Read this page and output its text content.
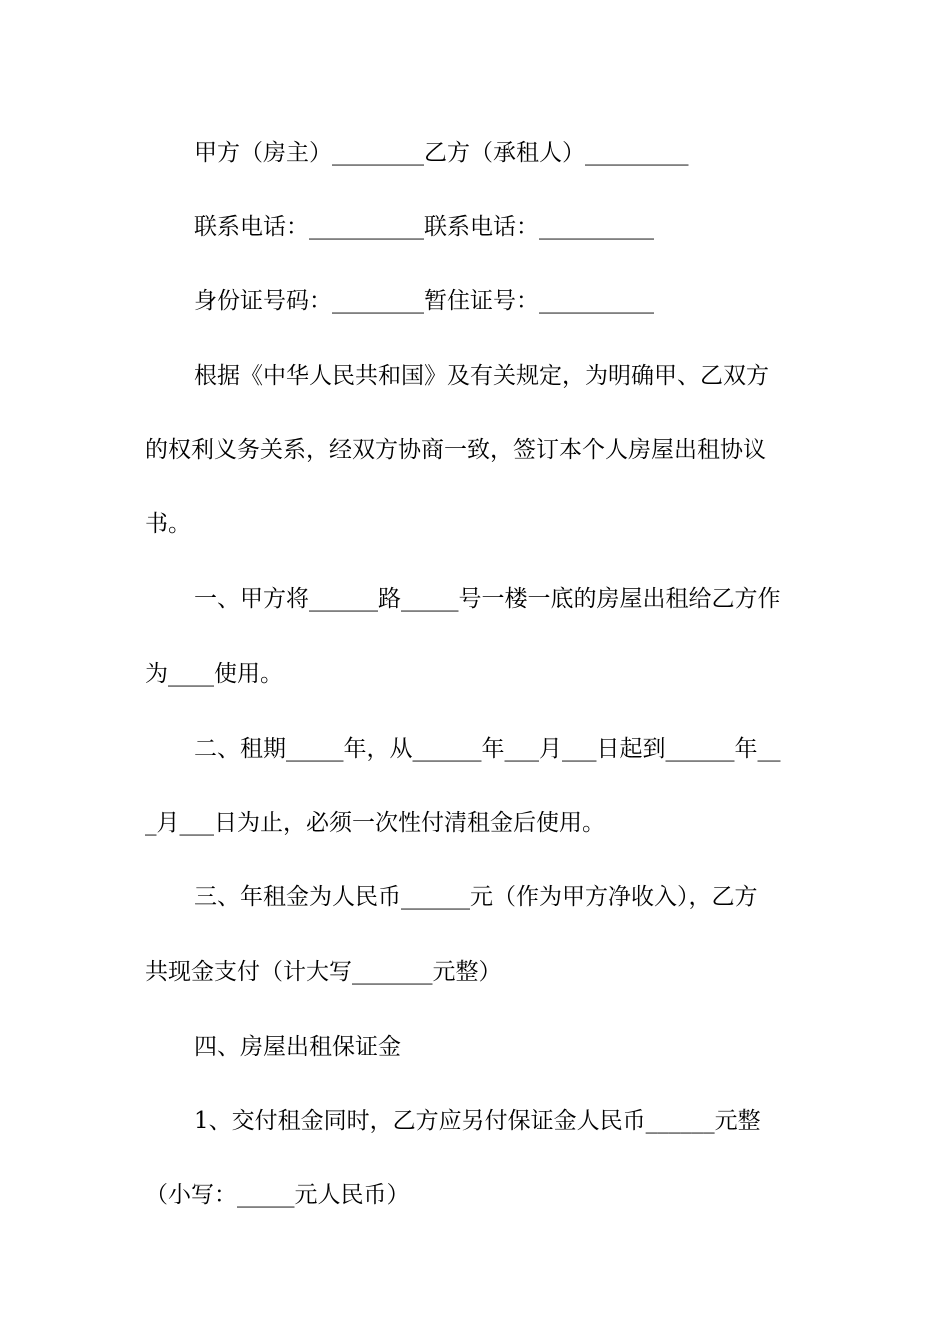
甲方（房主）________乙方（承租人）_________
联系电话：__________联系电话：__________
身份证号码：________暂住证号：__________
根据《中华人民共和国》及有关规定，为明确甲、乙双方
的权利义务关系，经双方协商一致，签订本个人房屋出租协议
书。
一、甲方将______路_____号一楼一底的房屋出租给乙方作
为____使用。
二、租期_____年，从______年___月___日起到______年__
_月___日为止，必须一次性付清租金后使用。
三、年租金为人民币______元（作为甲方净收入），乙方
共现金支付（计大写_______元整）
四、房屋出租保证金
1、交付租金同时，乙方应另付保证金人民币______元整
（小写：_____元人民币）
